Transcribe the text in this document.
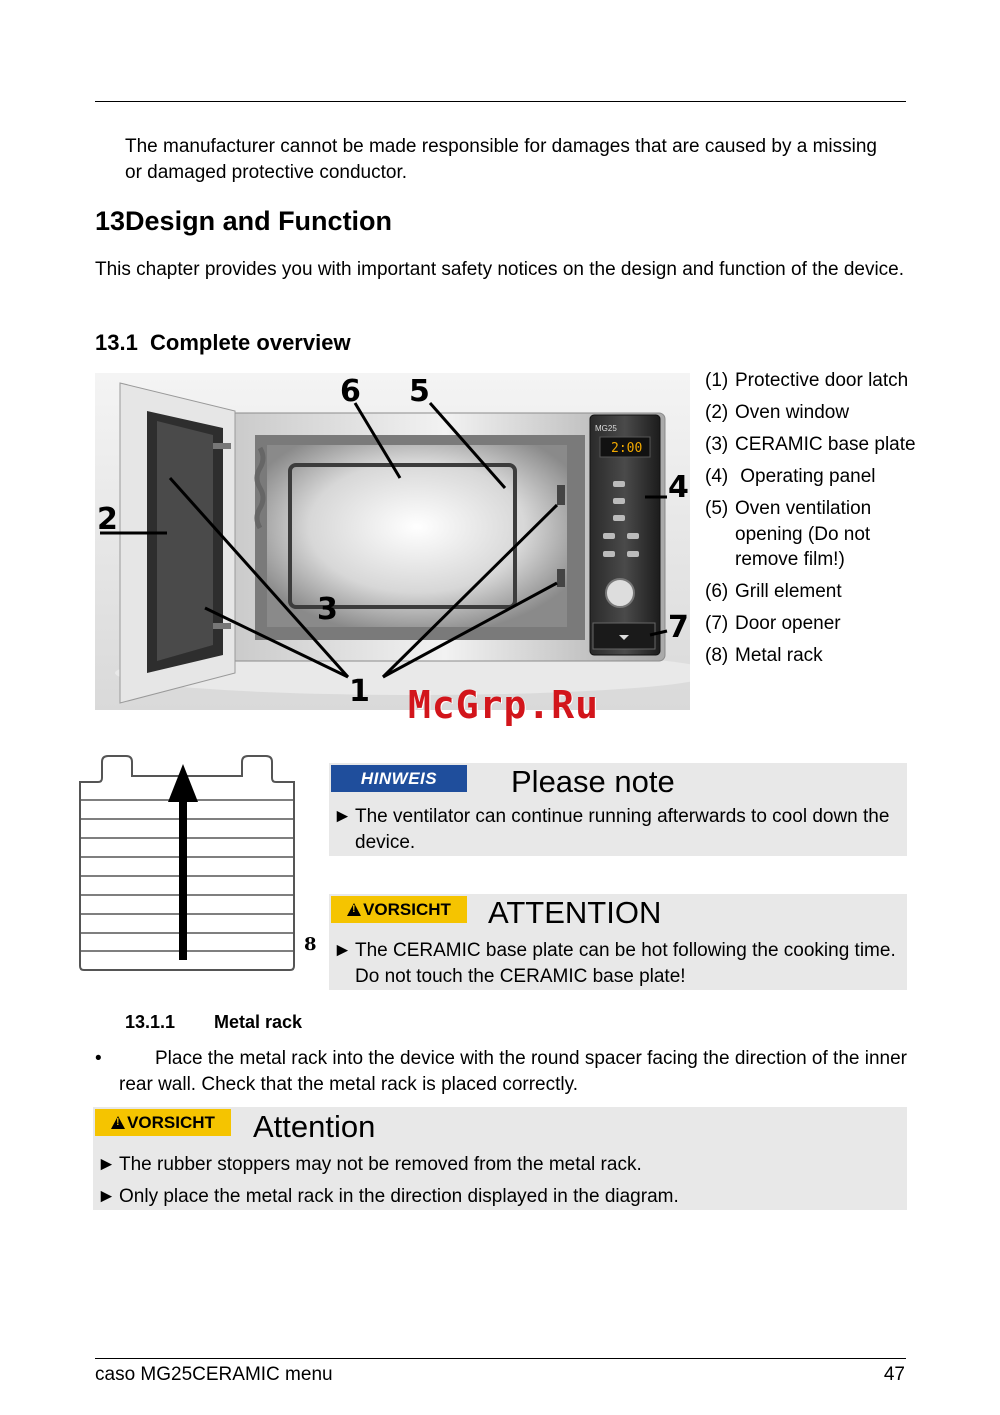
The manufacturer cannot be made responsible for damages that are caused by a missing or damaged protective conductor.
13Design and Function
This chapter provides you with important safety notices on the design and function of the device.
13.1  Complete overview
MG25
2:00
6 5
2
4
3
7
1
(1) Protective door latch
(2) Oven window
(3) CERAMIC base plate
(4) Operating panel
(5) Oven ventilation opening (Do not remove film!)
(6) Grill element
(7) Door opener
(8) Metal rack
McGrp.Ru
8
HINWEIS	Please note
► The ventilator can continue running afterwards to cool down the device.
!
VORSICHT ATTENTION
► The CERAMIC base plate can be hot following the cooking time. Do not touch the CERAMIC base plate!
13.1.1 Metal rack
•	Place the metal rack into the device with the round spacer facing the direction of the inner rear wall. Check that the metal rack is placed correctly.
!
VORSICHT Attention
► The rubber stoppers may not be removed from the metal rack.
► Only place the metal rack in the direction displayed in the diagram.
caso MG25CERAMIC menu	47
